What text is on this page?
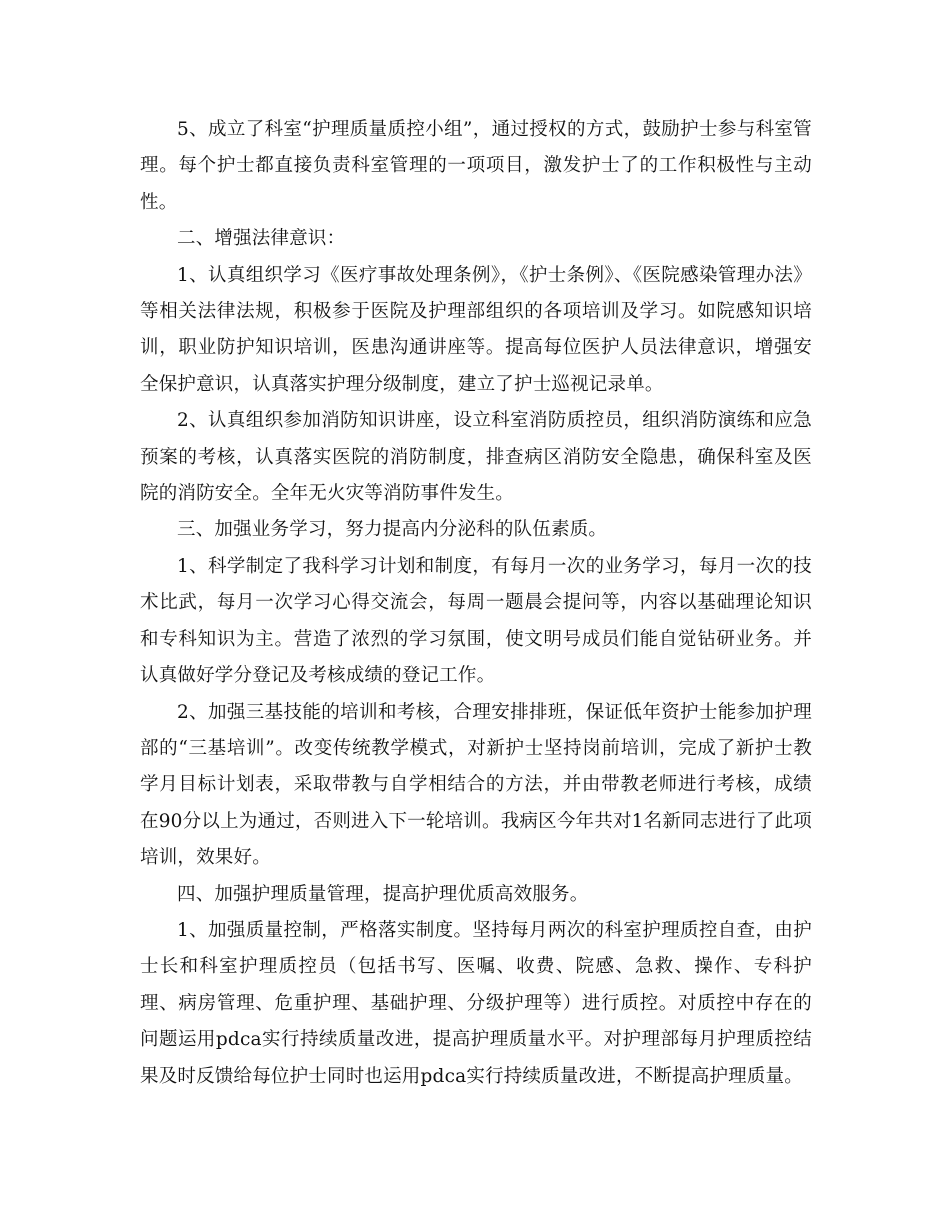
5、成立了科室“护理质量质控小组”，通过授权的方式，鼓励护士参与科室管理。每个护士都直接负责科室管理的一项项目，激发护士了的工作积极性与主动性。

二、增强法律意识：

1、认真组织学习《医疗事故处理条例》，《护士条例》、《医院感染管理办法》等相关法律法规，积极参于医院及护理部组织的各项培训及学习。如院感知识培训，职业防护知识培训，医患沟通讲座等。提高每位医护人员法律意识，增强安全保护意识，认真落实护理分级制度，建立了护士巡视记录单。

2、认真组织参加消防知识讲座，设立科室消防质控员，组织消防演练和应急预案的考核，认真落实医院的消防制度，排查病区消防安全隐患，确保科室及医院的消防安全。全年无火灾等消防事件发生。

三、加强业务学习，努力提高内分泌科的队伍素质。

1、科学制定了我科学习计划和制度，有每月一次的业务学习，每月一次的技术比武，每月一次学习心得交流会，每周一题晨会提问等，内容以基础理论知识和专科知识为主。营造了浓烈的学习氛围，使文明号成员们能自觉钻研业务。并认真做好学分登记及考核成绩的登记工作。

2、加强三基技能的培训和考核，合理安排排班，保证低年资护士能参加护理部的“三基培训”。改变传统教学模式，对新护士坚持岗前培训，完成了新护士教学月目标计划表，采取带教与自学相结合的方法，并由带教老师进行考核，成绩在90分以上为通过，否则进入下一轮培训。我病区今年共对1名新同志进行了此项培训，效果好。

四、加强护理质量管理，提高护理优质高效服务。

1、加强质量控制，严格落实制度。坚持每月两次的科室护理质控自查，由护士长和科室护理质控员（包括书写、医嘱、收费、院感、急救、操作、专科护理、病房管理、危重护理、基础护理、分级护理等）进行质控。对质控中存在的问题运用pdca实行持续质量改进，提高护理质量水平。对护理部每月护理质控结果及时反馈给每位护士同时也运用pdca实行持续质量改进，不断提高护理质量。
